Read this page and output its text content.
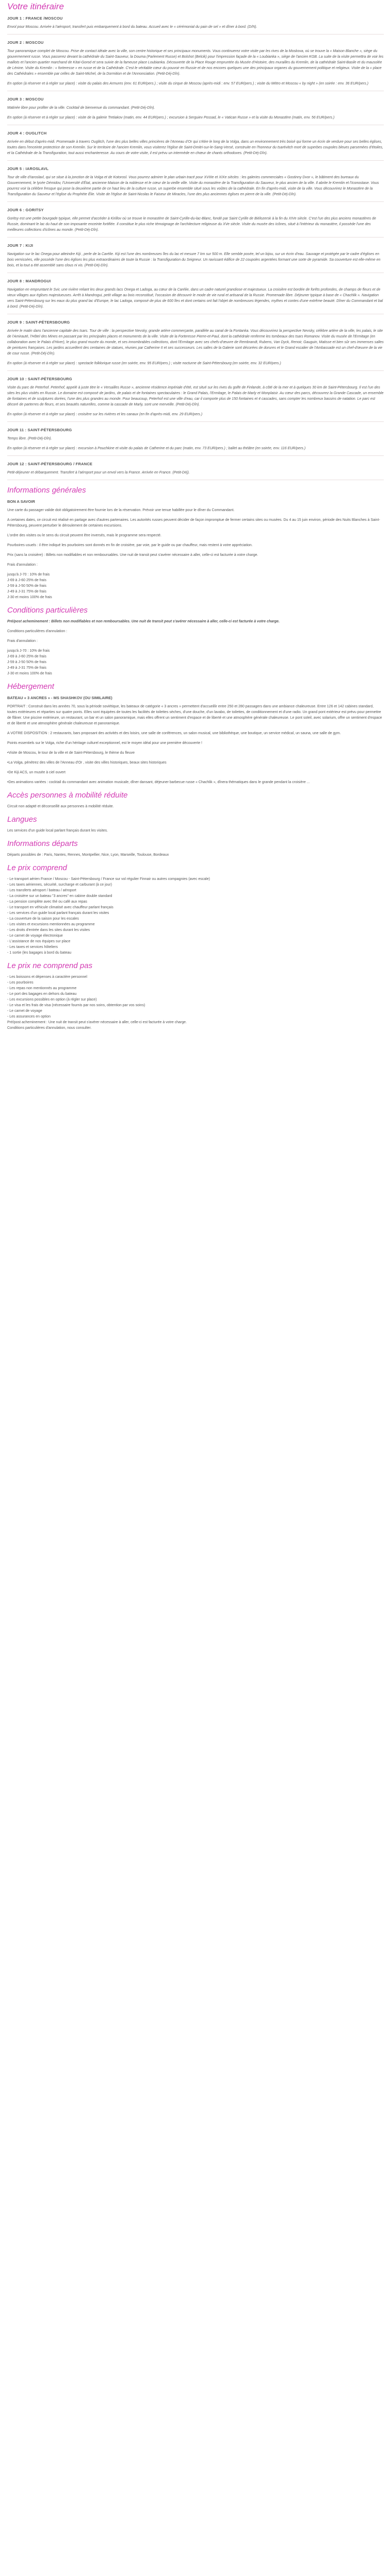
Votre itinéraire
JOUR 1 : FRANCE /MOSCOU
Envol pour Moscou. Arrivée à l'aéroport, transfert puis embarquement à bord du bateau. Accueil avec le « cérémonial du pain de sel » et dîner à bord. (D/N).
JOUR 2 : MOSCOU
Tour panoramique complet de Moscou. Prise de contact idéale avec la ville, son centre historique et ses principaux monuments. Vous continuerez votre visite par les rives de la Moskova, où se trouve la « Maison Blanche », siège du gouvernement russe. Vous passerez devant la cathédrale du Saint-Sauveur, la Douma (Parlement Russe) et Bolshoï (Belcik) pour l'impression façade de la « Loubianka », siège de l'ancien KGB. La suite de la visite permettra de voir les maillots et l'ancien quartier marchand de Kitaï-Gorod et sera suivie de la fameuse place Loubianka. Découverte de la Place Rouge empruntée du Musée d'Histoire, des murailles du Kremlin, de la cathédrale Saint-Basile et du mausolée de Lénine. Visite du Kremlin : « forteresse » en russe et de la Cathédrale. C'est le véritable cœur du pouvoir en Russie et de nos encores quelques une des principaux organes du gouvernement politique et religieux. Visite de la « place des Cathédrales » ensemble par celles de Saint-Michel, de la Dormition et de l'Annonciation. (Petit-Déj-Dîn).
En option (à réserver et à régler sur place) : visite du palais des Armures (env. 61 EUR/pers.) ; visite du cirque de Moscou (après-midi : env. 57 EUR/pers.) ; visite du Métro et Moscou « by night » (en soirée : env. 36 EUR/pers.)
JOUR 3 : MOSCOU
Matinée libre pour profiter de la ville. Cocktail de bienvenue du commandant. (Petit-Déj-Dîn).
En option (à réserver et à régler sur place) : visite de la galerie Tretiakov (matin, env. 44 EUR/pers.) ; excursion à Serguiev Possad, le « Vatican Russe » et la visite du Monastère (matin, env. 56 EUR/pers.)
JOUR 4 : OUGLITCH
Arrivée en début d'après-midi. Promenade à travers Ouglitch, l'une des plus belles villes princières de l'Anneau d'Or qui s'étire le long de la Volga, dans un environnement très boisé qui forme un écrin de verdure pour ses belles églises, toutes dans l'enceinte protectrice de son Kremlin. Sur le territoire de l'ancien Kremlin, vous visiterez l'église de Saint-Dmitri-sur-le-Sang-Versé, construite en l'honneur du tsarévitch mort de superbes coupoles bleues parsemées d'étoiles, et la Cathédrale de la Transfiguration, tout aussi enchanteresse. Au cours de votre visite, il est prévu un intermède en chœur de chants orthodoxes. (Petit-Déj-Dîn).
JOUR 5 : IAROSLAVL
Tour de ville d'Iaroslavl, qui se situe à la jonction de la Volga et de Kotorosl. Vous pourrez admirer le plan urbain tracé pour XVIIIe et XIXe siècles : les galeries commerciales « Gostinny Dvor », le bâtiment des bureaux du Gouvernement, le lycée Démidov, l'Université d'État, ancienne Maison de la noblesse et le cœur de la vieille ville. Visite du monastère de la Transfiguration du Sauveur, le plus ancien de la ville. Il abrite le Kremlin et l'Iconostase. Vous pourrez voir la célèbre fresque qui pose la deuxième partie de ce haut lieu de la culture russe, un superbe ensemble situé sous les voûtes de la cathédrale. En fin d'après-midi, visite de la ville. Vous découvrirez le Monastère de la Transfiguration du Sauveur et l'église du Prophète Élie. Visite de l'église de Saint-Nicolas le Faiseur de Miracles, l'une des plus anciennes églises en pierre de la ville. (Petit-Déj-Dîn).
JOUR 6 : GORITSY
Goritsy est une petite bourgade typique, elle permet d'accéder à Kirillov où se trouve le monastère de Saint-Cyrille-du-lac-Blanc, fondé par Saint Cyrille de Biélozersk à la fin du XIVe siècle. C'est l'un des plus anciens monastères de Russie, dominant le lac du haut de son imposante enceinte fortifiée. Il constitue le plus riche témoignage de l'architecture religieuse du XVe siècle. Visite du musée des Icônes, situé à l'intérieur du monastère, il possède l'une des meilleures collections d'icônes au monde. (Petit-Déj-Dîn).
JOUR 7 : KIJI
Navigation sur le lac Onega pour atteindre Kiji , perle de la Carélie. Kiji est l'une des nombreuses îles du lac et mesure 7 km sur 500 m. Elle semble posée, tel un bijou, sur un écrin d'eau. Sauvage et protégée par le cadre d'églises en bois vernissées, elle possède l'une des églises les plus extraordinaires de toute la Russie : la Transfiguration du Seigneur. Un ravissant édifice de 22 coupoles argentées formant une sorte de pyramide. Sa couverture est elle-même en bois, et la tout a été assemblé sans clous ni vis. (Petit-Déj-Dîn).
JOUR 8 : MANDROGUI
Navigation en empruntant le Svir, une rivière reliant les deux grands lacs Onega et Ladoga, au cœur de la Carélie, dans un cadre naturel grandiose et majestueux. La croisière est bordée de forêts profondes, de champs de fleurs et de vieux villages aux églises majestueuses. Arrêt à Mandrogui, petit village au bois reconstitué, l'occasion de découvrir le mode de vie rural et artisanal de la Russie. Promenade libre. Déjeuner typique à base de « Chachlik ». Navigation vers Saint-Pétersbourg sur les eaux du plus grand lac d'Europe, le lac Ladoga, composé de plus de 600 îles et dont certains ont fait l'objet de nombreuses légendes, mythes et contes d'une extrême beauté. Dîner du Commandant et bal à bord. (Petit-Déj-Dîn).
JOUR 9 : SAINT-PÉTERSBOURG
Arrivée le matin dans l'ancienne capitale des tsars. Tour de ville : la perspective Nevsky, grande artère commerçante, parallèle au canal de la Fontanka. Vous découvrirez la perspective Nevsky, célèbre artère de la ville, les palais, le site de l'Amirauté, l'Hôtel des Mines en passant par les principales places et monuments de la ville. Visite de la Forteresse Pierre-et-Paul, dont la cathédrale renferme les tombeaux des tsars Romanov. Visite du musée de l'Ermitage (en collaboration avec le Palais d'Hiver), le plus grand musée du monde, et ses innombrables collections, dont l'Ermitage avec ses chefs-d'œuvre de Rembrandt, Rubens, Van Dyck, Renoir, Gauguin, Matisse et bien sûr ses immenses salles de peintures françaises. Les jardins accueillent des centaines de statues, réunies par Catherine II et ses successeurs. Les salles de la Galerie sont décorées de dorures et le Grand escalier de l'Ambassade est un chef-d'œuvre de la vie de cour russe. (Petit-Déj-Dîn).
En option (à réserver et à régler sur place) : spectacle folklorique russe (en soirée, env. 95 EUR/pers.) ; visite nocturne de Saint-Pétersbourg (en soirée, env. 32 EUR/pers.)
JOUR 10 : SAINT-PÉTERSBOURG
Visite du parc de Peterhof. Peterhof, appelé à juste titre le « Versailles Russe », ancienne résidence impériale d'été, est situé sur les rives du golfe de Finlande, à côté de la mer et à quelques 30 km de Saint-Pétersbourg. Il est l'un des sites les plus visités en Russie. Le domaine est composé de jardins, de palais et de fontaines spectaculaires : le Grand Palais, l'Ermitage, le Palais de Marly et Monplaisir. Au cœur des parcs, découvrez la Grande Cascade, un ensemble de fontaines et de sculptures dorées, l'une des plus grandes au monde. Pour beaucoup, Peterhof est une ville d'eau, car il comporte plus de 150 fontaines et 4 cascades, sans compter les nombreux bassins de natation. Le parc est décoré de parterres de fleurs, et ses beautés naturelles, comme la cascade de Marly, sont une merveille. (Petit-Déj-Dîn).
En option (à réserver et à régler sur place) : croisière sur les rivières et les canaux (en fin d'après-midi, env. 29 EUR/pers.)
JOUR 11 : SAINT-PÉTERSBOURG
Temps libre. (Petit-Déj-Dîn).
En option (à réserver et à régler sur place) : excursion à Pouchkine et visite du palais de Catherine et du parc (matin, env. 73 EUR/pers.) ; ballet au théâtre (en soirée, env. 116 EUR/pers.)
JOUR 12 : SAINT-PÉTERSBOURG / FRANCE
Petit-déjeuner et débarquement. Transfert à l'aéroport pour un envol vers la France. Arrivée en France. (Petit-Déj).
Informations générales
BON A SAVOIR
Une carte du passager valide doit obligatoirement être fournie lors de la réservation. Prévoir une tenue habillée pour le dîner du Commandant.
A certaines dates, ce circuit est réalisé en partage avec d'autres partenaires. Les autorités russes peuvent décider de façon impromptue de fermer certains sites ou musées. Du 4 au 15 juin environ, période des Nuits Blanches à Saint-Pétersbourg, peuvent perturber le déroulement de certaines excursions.
L'ordre des visites ou le sens du circuit peuvent être inversés, mais le programme sera respecté.
Pourboires usuels : il être indiqué les pourboires sont donnés en fin de croisière, par voie, par le guide ou par chauffeur, mais restent à votre appréciation.
Prix (sans la croisière) : Billets non modifiables et non remboursables. Une nuit de transit peut s'avérer nécessaire à aller, celle-ci est facturée à votre charge.
Frais d'annulation :
jusqu'à J-70 : 10% de frais
J-69 à J-60 25% de frais
J-59 à J-50 50% de frais
J-49 à J-31 75% de frais
J-30 et moins 100% de frais
Conditions particulières
Pré/post acheminement : Billets non modifiables et non remboursables. Une nuit de transit peut s'avérer nécessaire à aller, celle-ci est facturée à votre charge.
Conditions particulières d'annulation :
Frais d'annulation :
jusqu'à J-70 : 10% de frais
J-69 à J-60 25% de frais
J-59 à J-50 50% de frais
J-49 à J-31 75% de frais
J-30 et moins 100% de frais
Hébergement
BATEAU « 3 ANCRES » - MS SHASHKOV (OU SIMILAIRE)
PORTRAIT : Construit dans les années 70, sous la période soviétique, les bateaux de catégorie « 3 ancres » permettent d'accueillir entre 250 et 280 passagers dans une ambiance chaleureuse. Entre 126 et 142 cabines standard, toutes extérieures et réparties sur quatre ponts. Elles sont équipées de toutes les facilités de toilettes sèches, d'une douche, d'un lavabo, de toilettes, de conditionnement et d'une radio. Un grand pont extérieur est prévu pour permettre de flâner. Une piscine extérieure, un restaurant, un bar et un salon panoramique, mais elles offrent un sentiment d'espace et de liberté et une atmosphère générale chaleureuse. Le pont soleil, avec solarium, offre un sentiment d'espace et de liberté et une atmosphère générale chaleureuse et panoramique.
A VOTRE DISPOSITION : 2 restaurants, bars proposant des activités et des loisirs, une salle de conférences, un salon musical, une bibliothèque, une boutique, un service médical, un sauna, une salle de gym.
Points essentiels sur le Volga, riche d'un héritage culturel exceptionnel, est le moyen idéal pour une première découverte !
•Visite de Moscou, le tour de la ville et de Saint-Pétersbourg, le thème du fleuve
•La Volga, pénétrez des villes de l'Anneau d'Or , visite des villes historiques, beaux sites historiques
•De Kiji ACS, un musée à ciel ouvert
•Des animations variées : cocktail du commandant avec animation musicale, dîner dansant, déjeuner barbecue russe « Chachlik », dînera thématiques dans le grande pendant la croisière ...
Accès personnes à mobilité réduite
Circuit non adapté et déconseillé aux personnes à mobilité réduite.
Langues
Les services d'un guide local parlant français durant les visites.
Informations départs
Départs possibles de : Paris, Nantes, Rennes, Montpellier, Nice, Lyon, Marseille, Toulouse, Bordeaux
Le prix comprend
- Le transport aérien France / Moscou - Saint-Pétersbourg / France sur vol régulier Finnair ou autres compagnies (avec escale)
- Les taxes aériennes, sécurité, surcharge et carburant (à ce jour)
- Les transferts aéroport / bateau / aéroport
- La croisière sur un bateau "3 ancres" en cabine double standard
- La pension complète avec thé ou café aux repas
- Le transport en véhicule climatisé avec chauffeur parlant français
- Les services d'un guide local parlant français durant les visites
- La couverture de la saison pour les escales
- Les visites et excursions mentionnées au programme
- Les droits d'entrée dans les sites durant les visites
- Le carnet de voyage électronique
- L'assistance de nos équipes sur place
- Les taxes et services hôteliers
- 1 sortie (les bagages à bord du bateau
Le prix ne comprend pas
- Les boissons et dépenses à caractère personnel
- Les pourboires
- Les repas non mentionnés au programme
- Le port des bagages en dehors du bateau
- Les excursions possibles en option (à régler sur place)
- Le visa et les frais de visa (nécessaire fournis par nos soins, obtention par vos soins)
- Le carnet de voyage
- Les assurances en option
Pré/post acheminement : Une nuit de transit peut s'avérer nécessaire à aller, celle-ci est facturée à votre charge.
Conditions particulières d'annulation, nous consulter.
